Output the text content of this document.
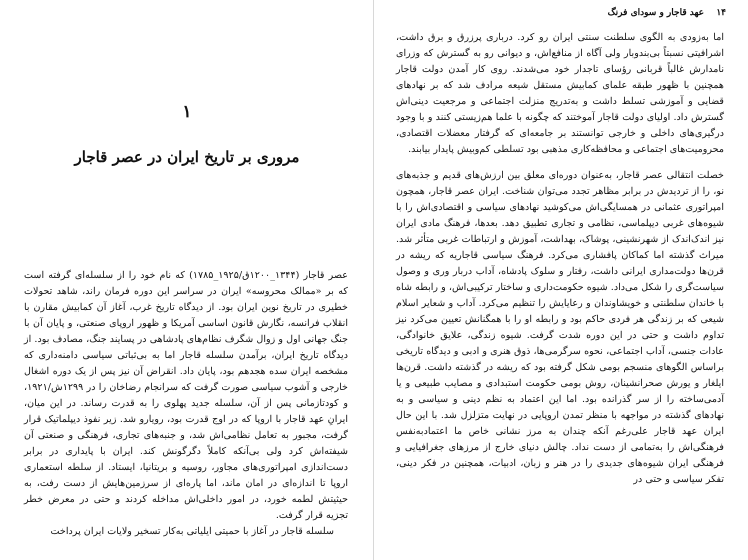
۱
مروری بر تاریخ ایران در عصر قاجار

عصر قاجار (۱۳۴۴_۱۲۰۰ق/۱۹۲۵_۱۷۸۵) که نام خود را از سلسله‌ای گرفته است که بر «ممالک محروسه» ایران در سراسر این دوره فرمان راند، شاهد تحولات خطیری در تاریخ نوین ایران بود. از دیدگاه تاریخ غرب، آغاز آن کمابیش مقارن با انقلاب فرانسه، نگارش قانون اساسی آمریکا و ظهور اروپای صنعتی، و پایان آن با جنگ جهانی اول و زوال شگرف نظام‌های پادشاهی در پسایند جنگ، مصادف بود. از دیدگاه تاریخ ایران، برآمدن سلسله قاجار اما به بی‌ثباتی سیاسی دامنه‌داری که مشخصه ایران سده هجدهم بود، پایان داد. انقراض آن نیز پس از یک دوره اشغال خارجی و آشوب سیاسی صورت گرفت که سرانجام رضاخان را در ۱۲۹۹ش/۱۹۲۱، و کودتازمانی پس از آن، سلسله جدید پهلوی را به قدرت رساند. در این میان، ایرانِ عهد قاجار با اروپا که در اوج قدرت بود، رویارو شد. زیر نفوذ دیپلماتیک قرار گرفت، مجبور به تعامل نظامی‌اش شد، و جنبه‌های تجاری، فرهنگی و صنعتی آن شیفته‌اش کرد ولی بی‌آنکه کاملاً دگرگونش کند. ایران با پایداری در برابر دست‌اندازی امپراتوری‌های مجاور، روسیه و بریتانیا، ایستاد. از سلطه استعماری اروپا تا اندازه‌ای در امان ماند، اما پاره‌ای از سرزمین‌هایش از دست رفت، به حیثیتش لطمه خورد، در امور داخلی‌اش مداخله کردند و حتی در معرض خطر تجزیه قرار گرفت.

سلسله قاجار در آغاز با حمیتی ایلیاتی به‌کار تسخیر ولایات ایران پرداخت

۱۴
عهد قاجار و سودای فرنگ

اما به‌زودی به الگوی سلطنت سنتی ایران رو کرد. درباری پرزرق و برق داشت، اشرافیتی نسبتاً بی‌بندوبار ولی آگاه از منافع‌اش، و دیوانی رو به گسترش که وزرای نامدارش غالباً قربانی رؤسای تاجدار خود می‌شدند. روی کار آمدن دولت قاجار همچنین با ظهور طبقه علمای کمابیش مستقل شیعه مرادف شد که بر نهادهای قضایی و آموزشی تسلط داشت و به‌تدریج منزلت اجتماعی و مرجعیت دینی‌اش گسترش داد. اولیای دولت قاجار آموختند که چگونه با علما هم‌زیستی کنند و با وجود درگیری‌های داخلی و خارجی توانستند بر جامعه‌ای که گرفتار معضلات اقتصادی، محرومیت‌های اجتماعی و محافظه‌کاری مذهبی بود تسلطی کم‌وبیش پایدار بیابند.

خصلت انتقالی عصر قاجار، به‌عنوان دوره‌ای معلق بین ارزش‌های قدیم و جذبه‌های نو، را از تردیدش در برابر مظاهر تجدد می‌توان شناخت. ایران عصر قاجار، همچون امپراتوری عثمانی در همسایگی‌اش می‌کوشید نهادهای سیاسی و اقتصادی‌اش را با شیوه‌های غربی دیپلماسی، نظامی و تجاری تطبیق دهد. بعدها، فرهنگ مادی ایران نیز اندک‌اندک از شهرنشینی، پوشاک، بهداشت، آموزش و ارتباطات غربی متأثر شد. میراث گذشته اما کماکان پافشاری می‌کرد. فرهنگ سیاسی قاجاریه که ریشه در قرن‌ها دولت‌مداری ایرانی داشت، رفتار و سلوک پادشاه، آداب دربار وری و وصول سیاست‌گری را شکل می‌داد. شیوه حکومت‌داری و ساختار ترکیبی‌اش، و رابطه شاه با خاندان سلطنتی و خویشاوندان و رعایایش را تنظیم می‌کرد. آداب و شعایر اسلام شیعی که بر زندگی هر فردی حاکم بود و رابطه او را با همگنانش تعیین می‌کرد نیز تداوم داشت و حتی در این دوره شدت گرفت. شیوه زندگی، علایق خانوادگی، عادات جنسی، آداب اجتماعی، نحوه سرگرمی‌ها، ذوق هنری و ادبی و دیدگاه تاریخی براساس الگوهای منسجم بومی شکل گرفته بود که ریشه در گذشته داشت. قرن‌ها ایلغار و یورش صحرانشینان، روش بومی حکومت استبدادی و مصایب طبیعی و یا آدمی‌ساخته را از سر گذرانده بود. اما این اعتماد به نظم دینی و سیاسی و به نهادهای گذشته در مواجهه با منظر تمدن اروپایی در نهایت متزلزل شد. با این حال ایران عهد قاجار علی‌رغم آنکه چندان به مرز نشانی خاص ما اعتمادبه‌نفس فرهنگی‌اش را به‌تمامی از دست نداد. چالش دنیای خارج از مرزهای جغرافیایی و فرهنگی ایران شیوه‌های جدیدی را در هنر و زبان، ادبیات، همچنین در فکر دینی، تفکر سیاسی و حتی در
